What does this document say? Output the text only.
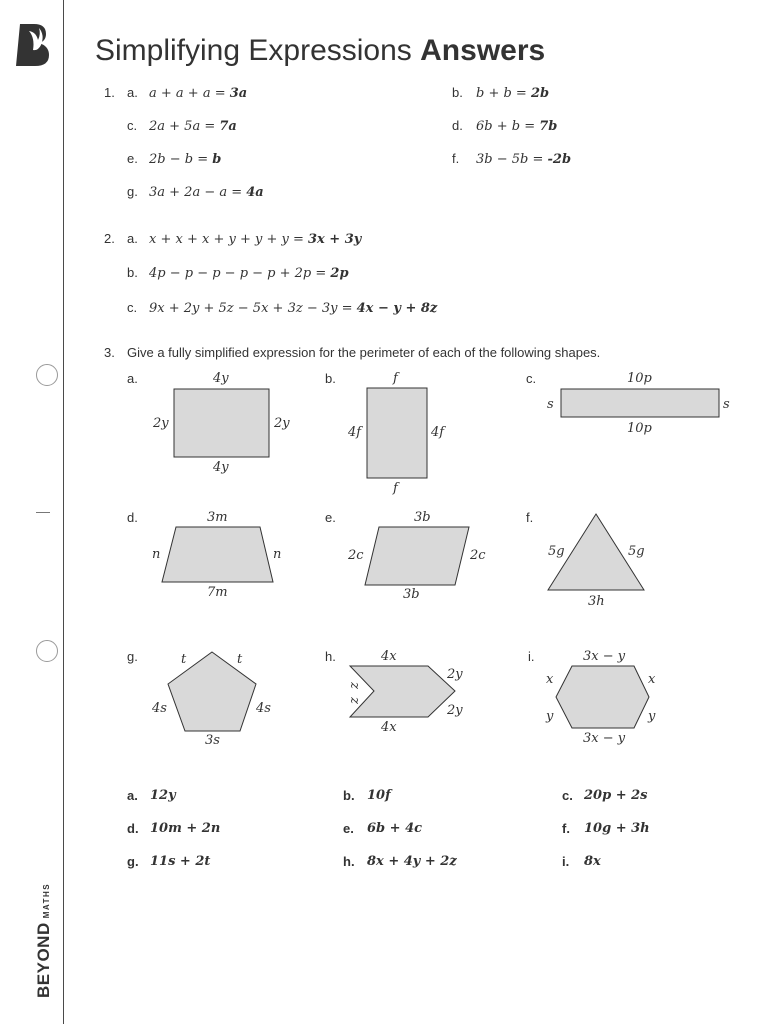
BEYONDMATHS
Simplifying Expressions Answers
1. a. a + a + a = 3a	b. b + b = 2b
c. 2a + 5a = 7a	d. 6b + b = 7b
e. 2b − b = b	f. 3b − 5b = -2b
g. 3a + 2a − a = 4a
2. a. x + x + x + y + y + y = 3x + 3y
b. 4p − p − p − p − p + 2p = 2p
c. 9x + 2y + 5z − 5x + 3z − 3y = 4x − y + 8z
3. Give a fully simplified expression for the perimeter of each of the following shapes.
a.	b.	c.
d.	e.	f.
g.	h.	i.
4y
2y	2y
4y
f
4f	4f
f
10p
s	s
10p
3m
n	n
7m
3b
2c	2c
3b
5g	5g
3h
t	t
4s	4s
3s
4x
2y
z
z
2y
4x
3x − y
x	x
y	y
3x − y
a. 12y	b. 10f	c. 20p + 2s
d. 10m + 2n	e. 6b + 4c	f. 10g + 3h
g. 11s + 2t	h. 8x + 4y + 2z	i. 8x
